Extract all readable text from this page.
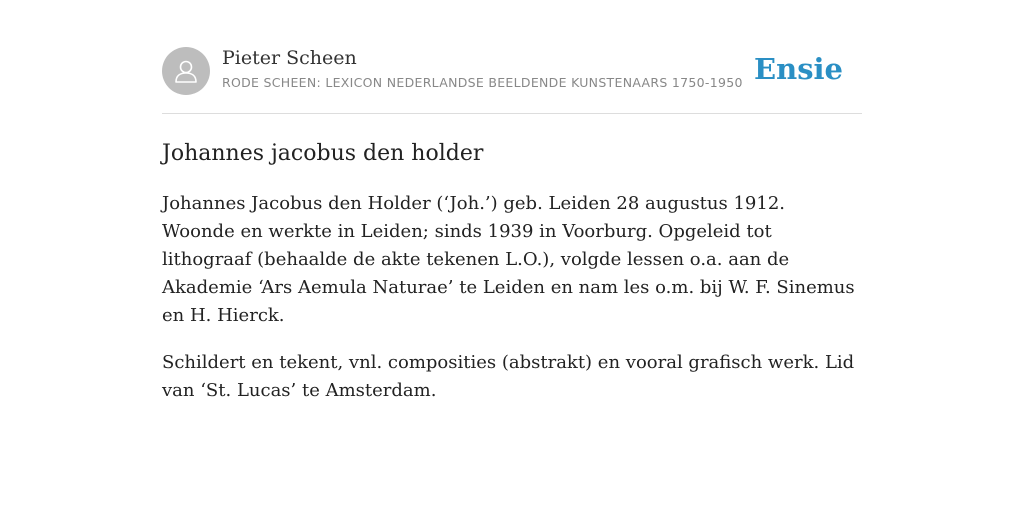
Pieter Scheen
RODE SCHEEN: LEXICON NEDERLANDSE BEELDENDE KUNSTENAARS 1750-1950 Ensie
Johannes jacobus den holder

Johannes Jacobus den Holder (‘Joh.’) geb. Leiden 28 augustus 1912. Woonde en werkte in Leiden; sinds 1939 in Voorburg. Opgeleid tot lithograaf (behaalde de akte tekenen L.O.), volgde lessen o.a. aan de Akademie ‘Ars Aemula Naturae’ te Leiden en nam les o.m. bij W. F. Sinemus en H. Hierck.

Schildert en tekent, vnl. composities (abstrakt) en vooral grafisch werk. Lid van ‘St. Lucas’ te Amsterdam.
